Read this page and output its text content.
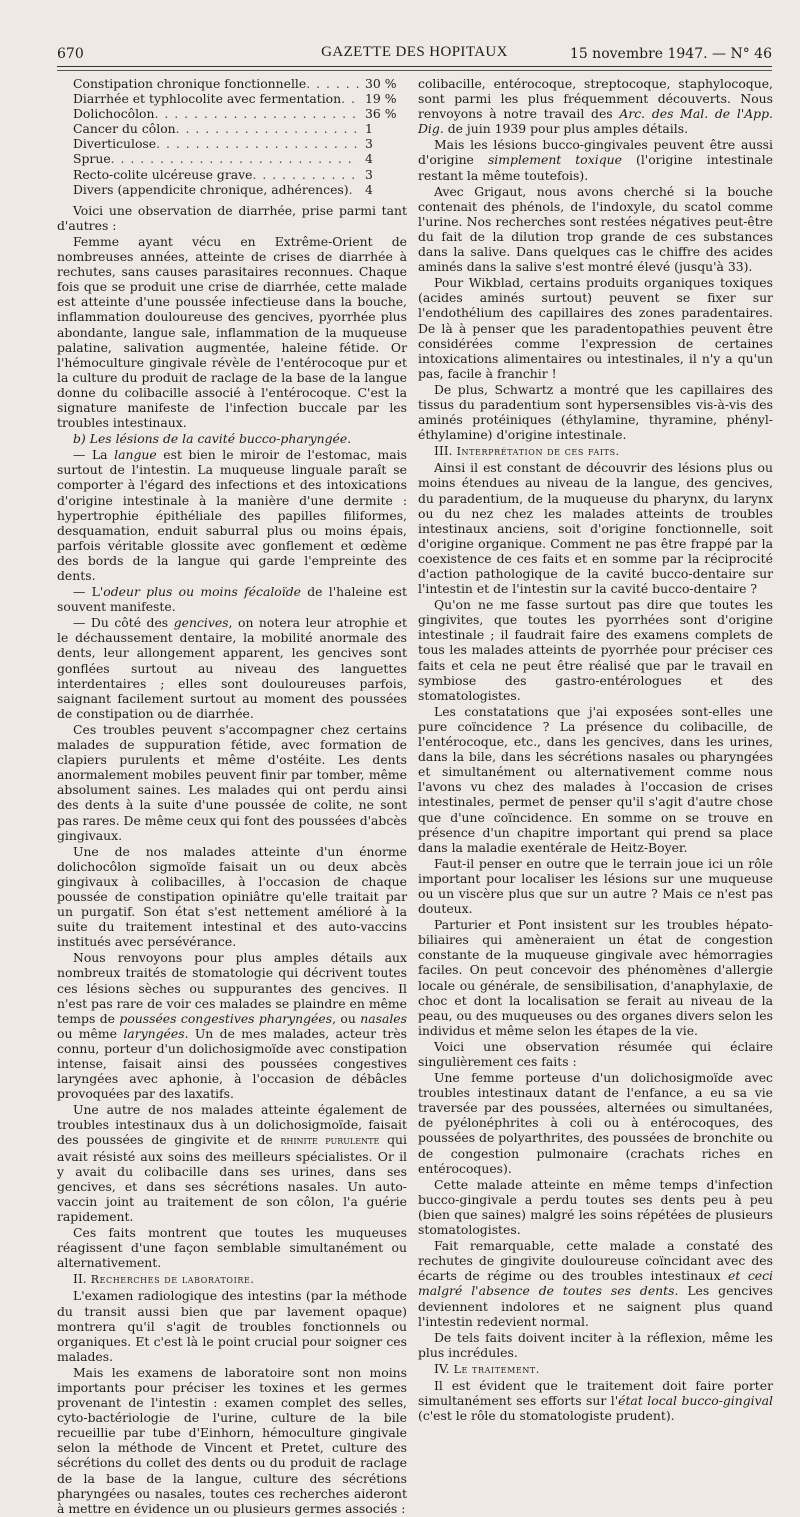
670	GAZETTE DES HOPITAUX	15 novembre 1947. — N° 46
Constipation chronique fonctionnelle . . .	30 %
Diarrhée et typhlocolite avec fermentation . . .	19 %
Dolichocôlon . . .	36 %
Cancer du côlon . . .	1
Diverticulose . . .	3
Sprue . . .	4
Recto-colite ulcéreuse grave . . .	3
Divers (appendicite chronique, adhérences) . . .	4

Voici une observation de diarrhée, prise parmi tant d'autres :

Femme ayant vécu en Extrême-Orient de nombreuses années, atteinte de crises de diarrhée à rechutes, sans causes parasitaires reconnues. Chaque fois que se produit une crise de diarrhée, cette malade est atteinte d'une poussée infectieuse dans la bouche, inflammation douloureuse des gencives, pyorrhée plus abondante, langue sale, inflammation de la muqueuse palatine, salivation augmentée, haleine fétide. Or l'hémoculture gingivale révèle de l'entérocoque pur et la culture du produit de raclage de la base de la langue donne du colibacille associé à l'entérocoque. C'est la signature manifeste de l'infection buccale par les troubles intestinaux.

b) Les lésions de la cavité bucco-pharyngée.

— La langue est bien le miroir de l'estomac, mais surtout de l'intestin. La muqueuse linguale paraît se comporter à l'égard des infections et des intoxications d'origine intestinale à la manière d'une dermite : hypertrophie épithéliale des papilles filiformes, desquamation, enduit saburral plus ou moins épais, parfois véritable glossite avec gonflement et œdème des bords de la langue qui garde l'empreinte des dents.

— L'odeur plus ou moins fécaloïde de l'haleine est souvent manifeste.

— Du côté des gencives, on notera leur atrophie et le déchaussement dentaire, la mobilité anormale des dents, leur allongement apparent, les gencives sont gonflées surtout au niveau des languettes interdentaires ; elles sont douloureuses parfois, saignant facilement surtout au moment des poussées de constipation ou de diarrhée.

Ces troubles peuvent s'accompagner chez certains malades de suppuration fétide, avec formation de clapiers purulents et même d'ostéite. Les dents anormalement mobiles peuvent finir par tomber, même absolument saines. Les malades qui ont perdu ainsi des dents à la suite d'une poussée de colite, ne sont pas rares. De même ceux qui font des poussées d'abcès gingivaux.

Une de nos malades atteinte d'un énorme dolichocôlon sigmoïde faisait un ou deux abcès gingivaux à colibacilles, à l'occasion de chaque poussée de constipation opiniâtre qu'elle traitait par un purgatif. Son état s'est nettement amélioré à la suite du traitement intestinal et des auto-vaccins institués avec persévérance.

Nous renvoyons pour plus amples détails aux nombreux traités de stomatologie qui décrivent toutes ces lésions sèches ou suppurantes des gencives. Il n'est pas rare de voir ces malades se plaindre en même temps de poussées congestives pharyngées, ou nasales ou même laryngées. Un de mes malades, acteur très connu, porteur d'un dolichosigmoïde avec constipation intense, faisait ainsi des poussées congestives laryngées avec aphonie, à l'occasion de débâcles provoquées par des laxatifs.

Une autre de nos malades atteinte également de troubles intestinaux dus à un dolichosigmoïde, faisait des poussées de gingivite et de rhinite purulente qui avait résisté aux soins des meilleurs spécialistes. Or il y avait du colibacille dans ses urines, dans ses gencives, et dans ses sécrétions nasales. Un auto-vaccin joint au traitement de son côlon, l'a guérie rapidement.

Ces faits montrent que toutes les muqueuses réagissent d'une façon semblable simultanément ou alternativement.

II. Recherches de laboratoire.

L'examen radiologique des intestins (par la méthode du transit aussi bien que par lavement opaque) montrera qu'il s'agit de troubles fonctionnels ou organiques. Et c'est là le point crucial pour soigner ces malades.

Mais les examens de laboratoire sont non moins importants pour préciser les toxines et les germes provenant de l'intestin : examen complet des selles, cyto-bactériologie de l'urine, culture de la bile recueillie par tube d'Einhorn, hémoculture gingivale selon la méthode de Vincent et Pretet, culture des sécrétions du collet des dents ou du produit de raclage de la base de la langue, culture des sécrétions pharyngées ou nasales, toutes ces recherches aideront à mettre en évidence un ou plusieurs germes associés :

colibacille, entérocoque, streptocoque, staphylocoque, sont parmi les plus fréquemment découverts. Nous renvoyons à notre travail des Arc. des Mal. de l'App. Dig. de juin 1939 pour plus amples détails.

Mais les lésions bucco-gingivales peuvent être aussi d'origine simplement toxique (l'origine intestinale restant la même toutefois).

Avec Grigaut, nous avons cherché si la bouche contenait des phénols, de l'indoxyle, du scatol comme l'urine. Nos recherches sont restées négatives peut-être du fait de la dilution trop grande de ces substances dans la salive. Dans quelques cas le chiffre des acides aminés dans la salive s'est montré élevé (jusqu'à 33).

Pour Wikblad, certains produits organiques toxiques (acides aminés surtout) peuvent se fixer sur l'endothélium des capillaires des zones paradentaires. De là à penser que les paradentopathies peuvent être considérées comme l'expression de certaines intoxications alimentaires ou intestinales, il n'y a qu'un pas, facile à franchir !

De plus, Schwartz a montré que les capillaires des tissus du paradentium sont hypersensibles vis-à-vis des aminés protéiniques (éthylamine, thyramine, phényl-éthylamine) d'origine intestinale.

III. Interprétation de ces faits.

Ainsi il est constant de découvrir des lésions plus ou moins étendues au niveau de la langue, des gencives, du paradentium, de la muqueuse du pharynx, du larynx ou du nez chez les malades atteints de troubles intestinaux anciens, soit d'origine fonctionnelle, soit d'origine organique. Comment ne pas être frappé par la coexistence de ces faits et en somme par la réciprocité d'action pathologique de la cavité bucco-dentaire sur l'intestin et de l'intestin sur la cavité bucco-dentaire ?

Qu'on ne me fasse surtout pas dire que toutes les gingivites, que toutes les pyorrhées sont d'origine intestinale ; il faudrait faire des examens complets de tous les malades atteints de pyorrhée pour préciser ces faits et cela ne peut être réalisé que par le travail en symbiose des gastro-entérologues et des stomatologistes.

Les constatations que j'ai exposées sont-elles une pure coïncidence ? La présence du colibacille, de l'entérocoque, etc., dans les gencives, dans les urines, dans la bile, dans les sécrétions nasales ou pharyngées et simultanément ou alternativement comme nous l'avons vu chez des malades à l'occasion de crises intestinales, permet de penser qu'il s'agit d'autre chose que d'une coïncidence. En somme on se trouve en présence d'un chapitre important qui prend sa place dans la maladie exentérale de Heitz-Boyer.

Faut-il penser en outre que le terrain joue ici un rôle important pour localiser les lésions sur une muqueuse ou un viscère plus que sur un autre ? Mais ce n'est pas douteux.

Parturier et Pont insistent sur les troubles hépato-biliaires qui amèneraient un état de congestion constante de la muqueuse gingivale avec hémorragies faciles. On peut concevoir des phénomènes d'allergie locale ou générale, de sensibilisation, d'anaphylaxie, de choc et dont la localisation se ferait au niveau de la peau, ou des muqueuses ou des organes divers selon les individus et même selon les étapes de la vie.

Voici une observation résumée qui éclaire singulièrement ces faits :

Une femme porteuse d'un dolichosigmoïde avec troubles intestinaux datant de l'enfance, a eu sa vie traversée par des poussées, alternées ou simultanées, de pyélonéphrites à coli ou à entérocoques, des poussées de polyarthrites, des poussées de bronchite ou de congestion pulmonaire (crachats riches en entérocoques).

Cette malade atteinte en même temps d'infection bucco-gingivale a perdu toutes ses dents peu à peu (bien que saines) malgré les soins répétées de plusieurs stomatologistes.

Fait remarquable, cette malade a constaté des rechutes de gingivite douloureuse coïncidant avec des écarts de régime ou des troubles intestinaux et ceci malgré l'absence de toutes ses dents. Les gencives deviennent indolores et ne saignent plus quand l'intestin redevient normal.

De tels faits doivent inciter à la réflexion, même les plus incrédules.

IV. Le traitement.

Il est évident que le traitement doit faire porter simultanément ses efforts sur l'état local bucco-gingival (c'est le rôle du stomatologiste prudent).
